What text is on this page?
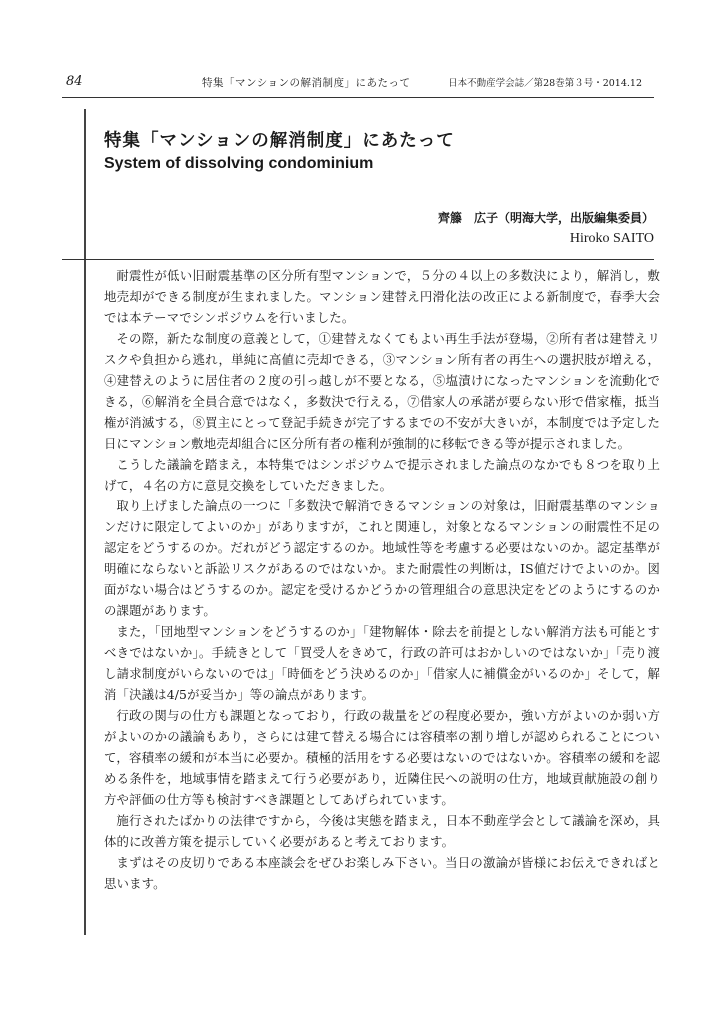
84	特集「マンションの解消制度」にあたって	日本不動産学会誌／第28巻第３号・2014.12
特集「マンションの解消制度」にあたって
System of dissolving condominium
齊籐　広子（明海大学，出版編集委員）
Hiroko SAITO

耐震性が低い旧耐震基準の区分所有型マンションで，５分の４以上の多数決により，解消し，敷地売却ができる制度が生まれました。マンション建替え円滑化法の改正による新制度で，春季大会では本テーマでシンポジウムを行いました。

その際，新たな制度の意義として，①建替えなくてもよい再生手法が登場，②所有者は建替えリスクや負担から逃れ，単純に高値に売却できる，③マンション所有者の再生への選択肢が増える，④建替えのように居住者の２度の引っ越しが不要となる，⑤塩漬けになったマンションを流動化できる，⑥解消を全員合意ではなく，多数決で行える，⑦借家人の承諾が要らない形で借家権，抵当権が消滅する，⑧買主にとって登記手続きが完了するまでの不安が大きいが，本制度では予定した日にマンション敷地売却組合に区分所有者の権利が強制的に移転できる等が提示されました。

こうした議論を踏まえ，本特集ではシンポジウムで提示されました論点のなかでも８つを取り上げて，４名の方に意見交換をしていただきました。

取り上げました論点の一つに「多数決で解消できるマンションの対象は，旧耐震基準のマンションだけに限定してよいのか」がありますが，これと関連し，対象となるマンションの耐震性不足の認定をどうするのか。だれがどう認定するのか。地域性等を考慮する必要はないのか。認定基準が明確にならないと訴訟リスクがあるのではないか。また耐震性の判断は，IS値だけでよいのか。図面がない場合はどうするのか。認定を受けるかどうかの管理組合の意思決定をどのようにするのかの課題があります。

また，「団地型マンションをどうするのか」「建物解体・除去を前提としない解消方法も可能とすべきではないか」。手続きとして「買受人をきめて，行政の許可はおかしいのではないか」「売り渡し請求制度がいらないのでは」「時価をどう決めるのか」「借家人に補償金がいるのか」そして，解消「決議は4/5が妥当か」等の論点があります。

行政の関与の仕方も課題となっており，行政の裁量をどの程度必要か，強い方がよいのか弱い方がよいのかの議論もあり，さらには建て替える場合には容積率の割り増しが認められることについて，容積率の緩和が本当に必要か。積極的活用をする必要はないのではないか。容積率の緩和を認める条件を，地域事情を踏まえて行う必要があり，近隣住民への説明の仕方，地域貢献施設の創り方や評価の仕方等も検討すべき課題としてあげられています。

施行されたばかりの法律ですから，今後は実態を踏まえ，日本不動産学会として議論を深め，具体的に改善方策を提示していく必要があると考えております。

まずはその皮切りである本座談会をぜひお楽しみ下さい。当日の激論が皆様にお伝えできればと思います。
